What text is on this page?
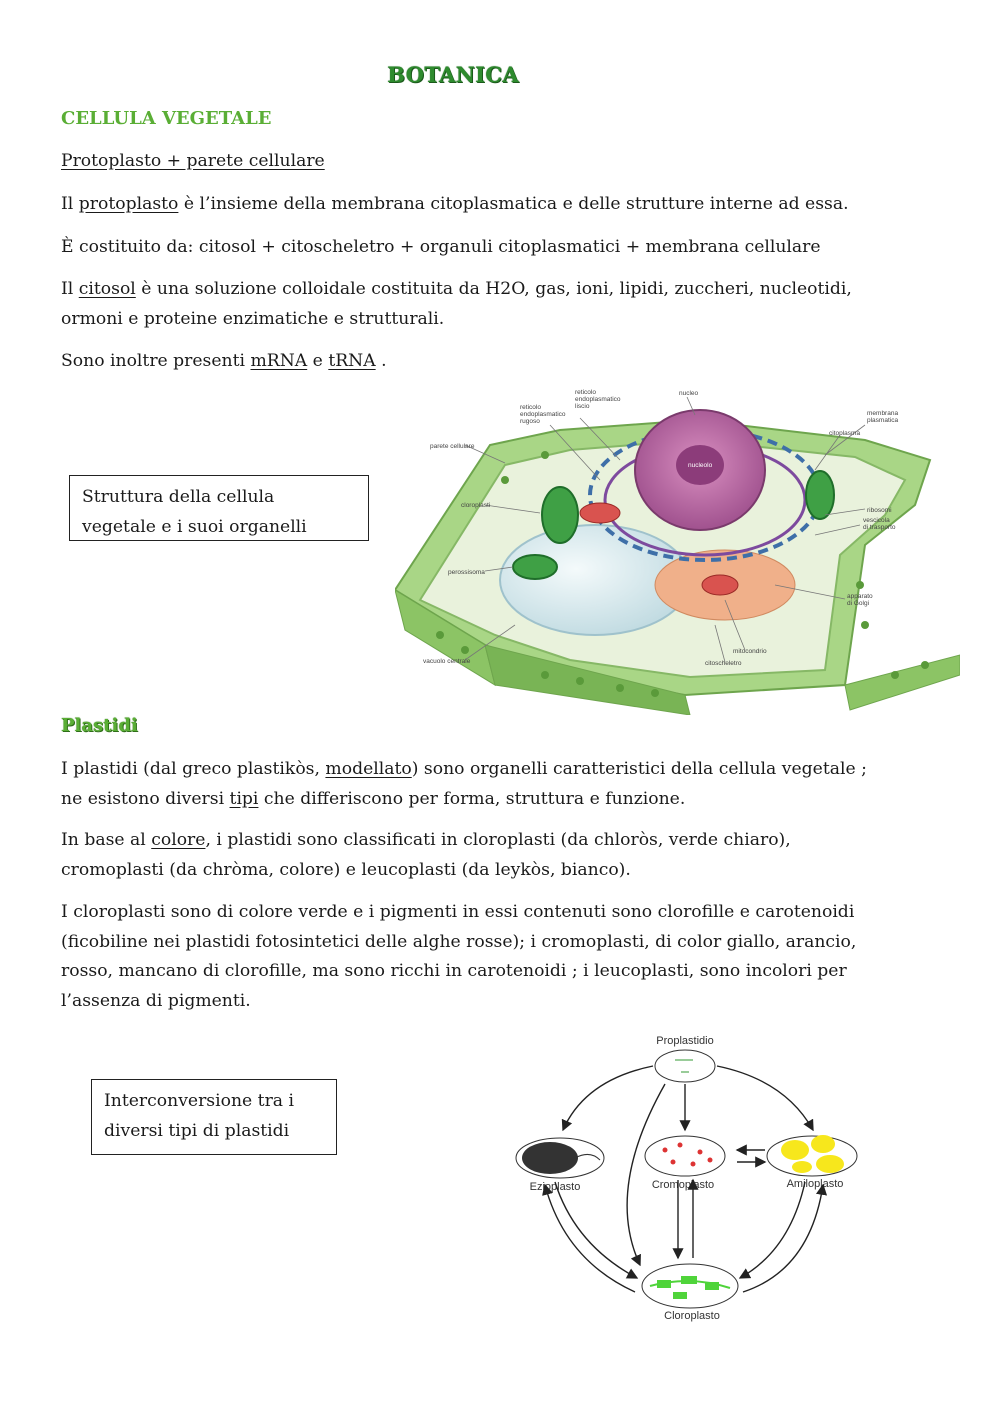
BOTANICA
CELLULA VEGETALE
Protoplasto + parete cellulare
Il protoplasto è l’insieme della membrana citoplasmatica e delle strutture interne ad essa.
È costituito da: citosol + citoscheletro + organuli citoplasmatici + membrana cellulare
Il citosol è una soluzione colloidale costituita da H2O, gas, ioni, lipidi, zuccheri, nucleotidi,
ormoni e proteine enzimatiche e strutturali.
Sono inoltre presenti mRNA e tRNA .
Struttura della cellula
vegetale e i suoi organelli
reticolo endoplasmatico liscio
reticolo endoplasmatico rugoso
nucleo
membrana plasmatica
parete cellulare
citoplasma
nucleolo
cloroplasti
ribosomi
vescicola di trasporto
perossisoma
apparato di Golgi
mitocondrio
vacuolo centrale	citoscheletro
Plastidi
I plastidi (dal greco plastikòs, modellato) sono organelli caratteristici della cellula vegetale ;
ne esistono diversi tipi che differiscono per forma, struttura e funzione.
In base al colore, i plastidi sono classificati in cloroplasti (da chloròs, verde chiaro),
cromoplasti (da chròma, colore) e leucoplasti (da leykòs, bianco).
I cloroplasti sono di colore verde e i pigmenti in essi contenuti sono clorofille e carotenoidi
(ficobiline nei plastidi fotosintetici delle alghe rosse); i cromoplasti, di color giallo, arancio,
rosso, mancano di clorofille, ma sono ricchi in carotenoidi ; i leucoplasti, sono incolori per
l’assenza di pigmenti.
Interconversione tra i
diversi tipi di plastidi
Proplastidio
Ezioplasto	Cromoplasto	Amiloplasto
Cloroplasto
